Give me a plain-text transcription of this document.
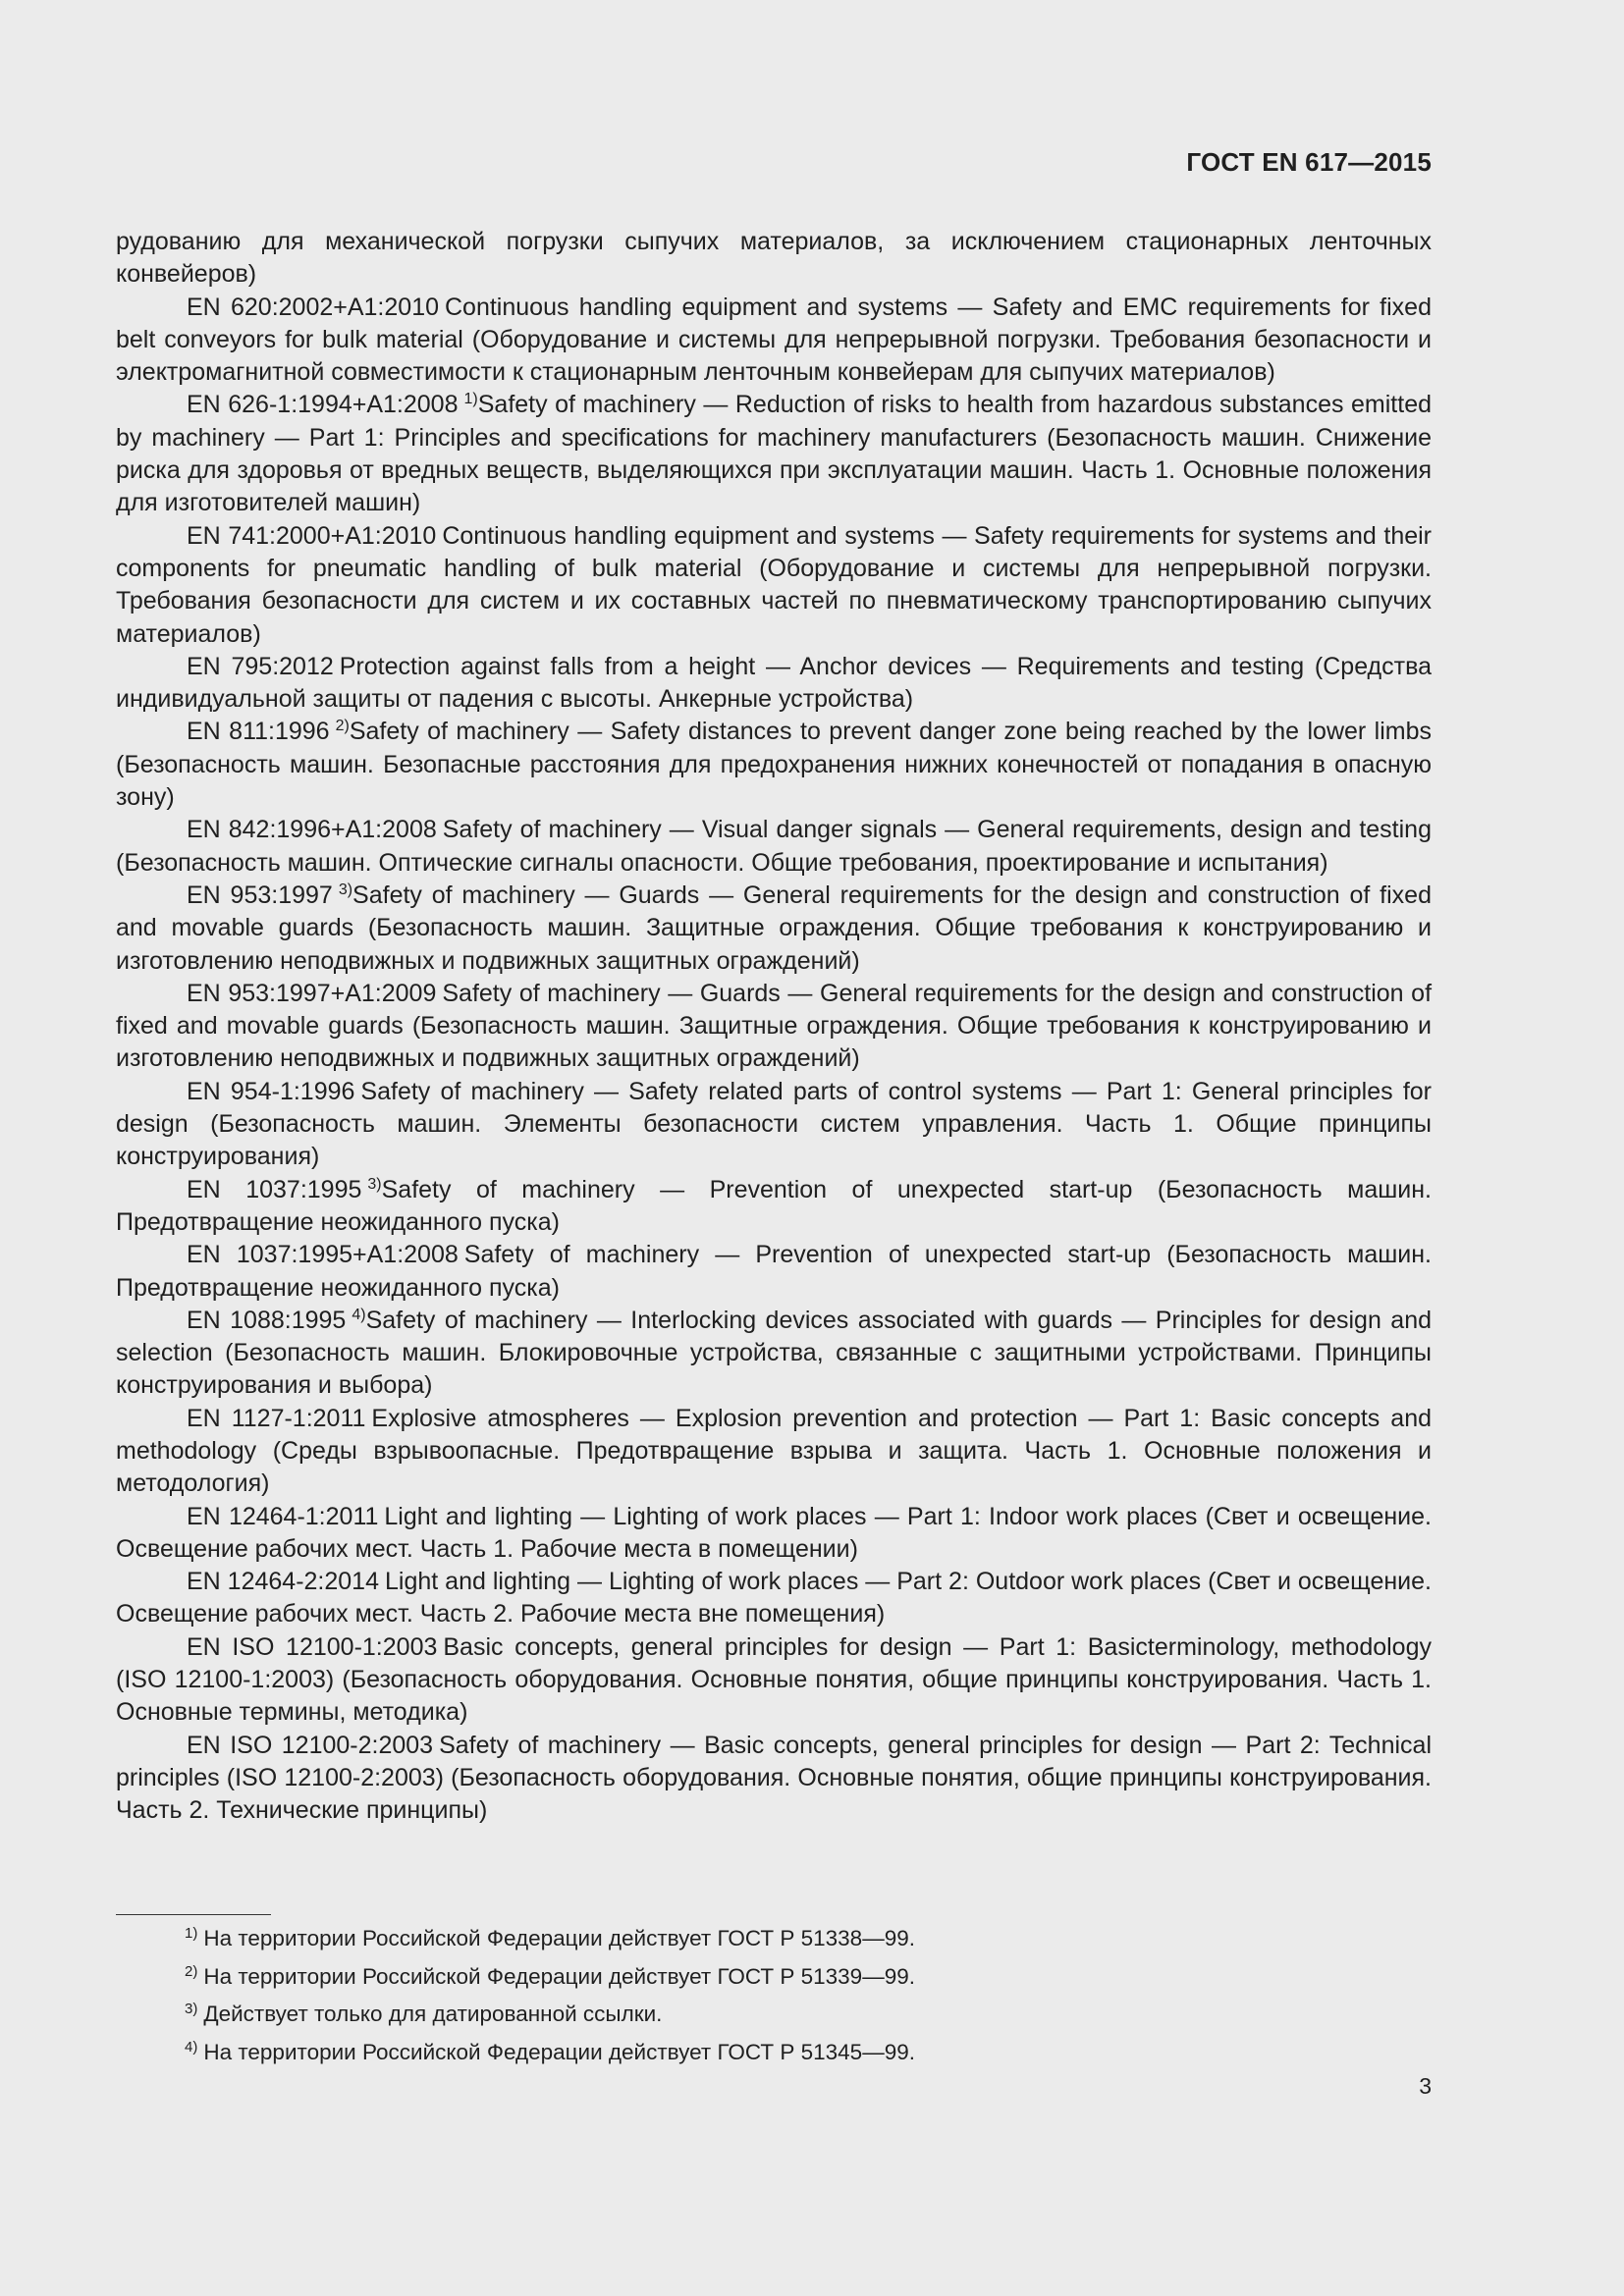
ГОСТ EN 617—2015

рудованию для механической погрузки сыпучих материалов, за исключением стационарных ленточных конвейеров)

EN 620:2002+A1:2010 Continuous handling equipment and systems — Safety and EMC requirements for fixed belt conveyors for bulk material (Оборудование и системы для непрерывной погрузки. Требования безопасности и электромагнитной совместимости к стационарным ленточным конвейерам для сыпучих материалов)

EN 626-1:1994+A1:2008 $^{1)}$Safety of machinery — Reduction of risks to health from hazardous substances emitted by machinery — Part 1: Principles and specifications for machinery manufacturers (Безопасность машин. Снижение риска для здоровья от вредных веществ, выделяющихся при эксплуатации машин. Часть 1. Основные положения для изготовителей машин)

EN 741:2000+A1:2010 Continuous handling equipment and systems — Safety requirements for systems and their components for pneumatic handling of bulk material (Оборудование и системы для непрерывной погрузки. Требования безопасности для систем и их составных частей по пневматическому транспортированию сыпучих материалов)

EN 795:2012 Protection against falls from a height — Anchor devices — Requirements and testing (Средства индивидуальной защиты от падения с высоты. Анкерные устройства)

EN 811:1996 $^{2)}$Safety of machinery — Safety distances to prevent danger zone being reached by the lower limbs (Безопасность машин. Безопасные расстояния для предохранения нижних конечностей от попадания в опасную зону)

EN 842:1996+A1:2008 Safety of machinery — Visual danger signals — General requirements, design and testing (Безопасность машин. Оптические сигналы опасности. Общие требования, проектирование и испытания)

EN 953:1997 $^{3)}$Safety of machinery — Guards — General requirements for the design and construction of fixed and movable guards (Безопасность машин. Защитные ограждения. Общие требования к конструированию и изготовлению неподвижных и подвижных защитных ограждений)

EN 953:1997+A1:2009 Safety of machinery — Guards — General requirements for the design and construction of fixed and movable guards (Безопасность машин. Защитные ограждения. Общие требования к конструированию и изготовлению неподвижных и подвижных защитных ограждений)

EN 954-1:1996 Safety of machinery — Safety related parts of control systems — Part 1: General principles for design (Безопасность машин. Элементы безопасности систем управления. Часть 1. Общие принципы конструирования)

EN 1037:1995 $^{3)}$Safety of machinery — Prevention of unexpected start-up (Безопасность машин. Предотвращение неожиданного пуска)

EN 1037:1995+A1:2008 Safety of machinery — Prevention of unexpected start-up (Безопасность машин. Предотвращение неожиданного пуска)

EN 1088:1995 $^{4)}$Safety of machinery — Interlocking devices associated with guards — Principles for design and selection (Безопасность машин. Блокировочные устройства, связанные с защитными устройствами. Принципы конструирования и выбора)

EN 1127-1:2011 Explosive atmospheres — Explosion prevention and protection — Part 1: Basic concepts and methodology (Среды взрывоопасные. Предотвращение взрыва и защита. Часть 1. Основные положения и методология)

EN 12464-1:2011 Light and lighting — Lighting of work places — Part 1: Indoor work places (Свет и освещение. Освещение рабочих мест. Часть 1. Рабочие места в помещении)

EN 12464-2:2014 Light and lighting — Lighting of work places — Part 2: Outdoor work places (Свет и освещение. Освещение рабочих мест. Часть 2. Рабочие места вне помещения)

EN ISO 12100-1:2003 Basic concepts, general principles for design — Part 1: Basicterminology, methodology (ISO 12100-1:2003) (Безопасность оборудования. Основные понятия, общие принципы конструирования. Часть 1. Основные термины, методика)

EN ISO 12100-2:2003 Safety of machinery — Basic concepts, general principles for design — Part 2: Technical principles (ISO 12100-2:2003) (Безопасность оборудования. Основные понятия, общие принципы конструирования. Часть 2. Технические принципы)

$^{1)}$ На территории Российской Федерации действует ГОСТ Р 51338—99.
$^{2)}$ На территории Российской Федерации действует ГОСТ Р 51339—99.
$^{3)}$ Действует только для датированной ссылки.
$^{4)}$ На территории Российской Федерации действует ГОСТ Р 51345—99.
3
